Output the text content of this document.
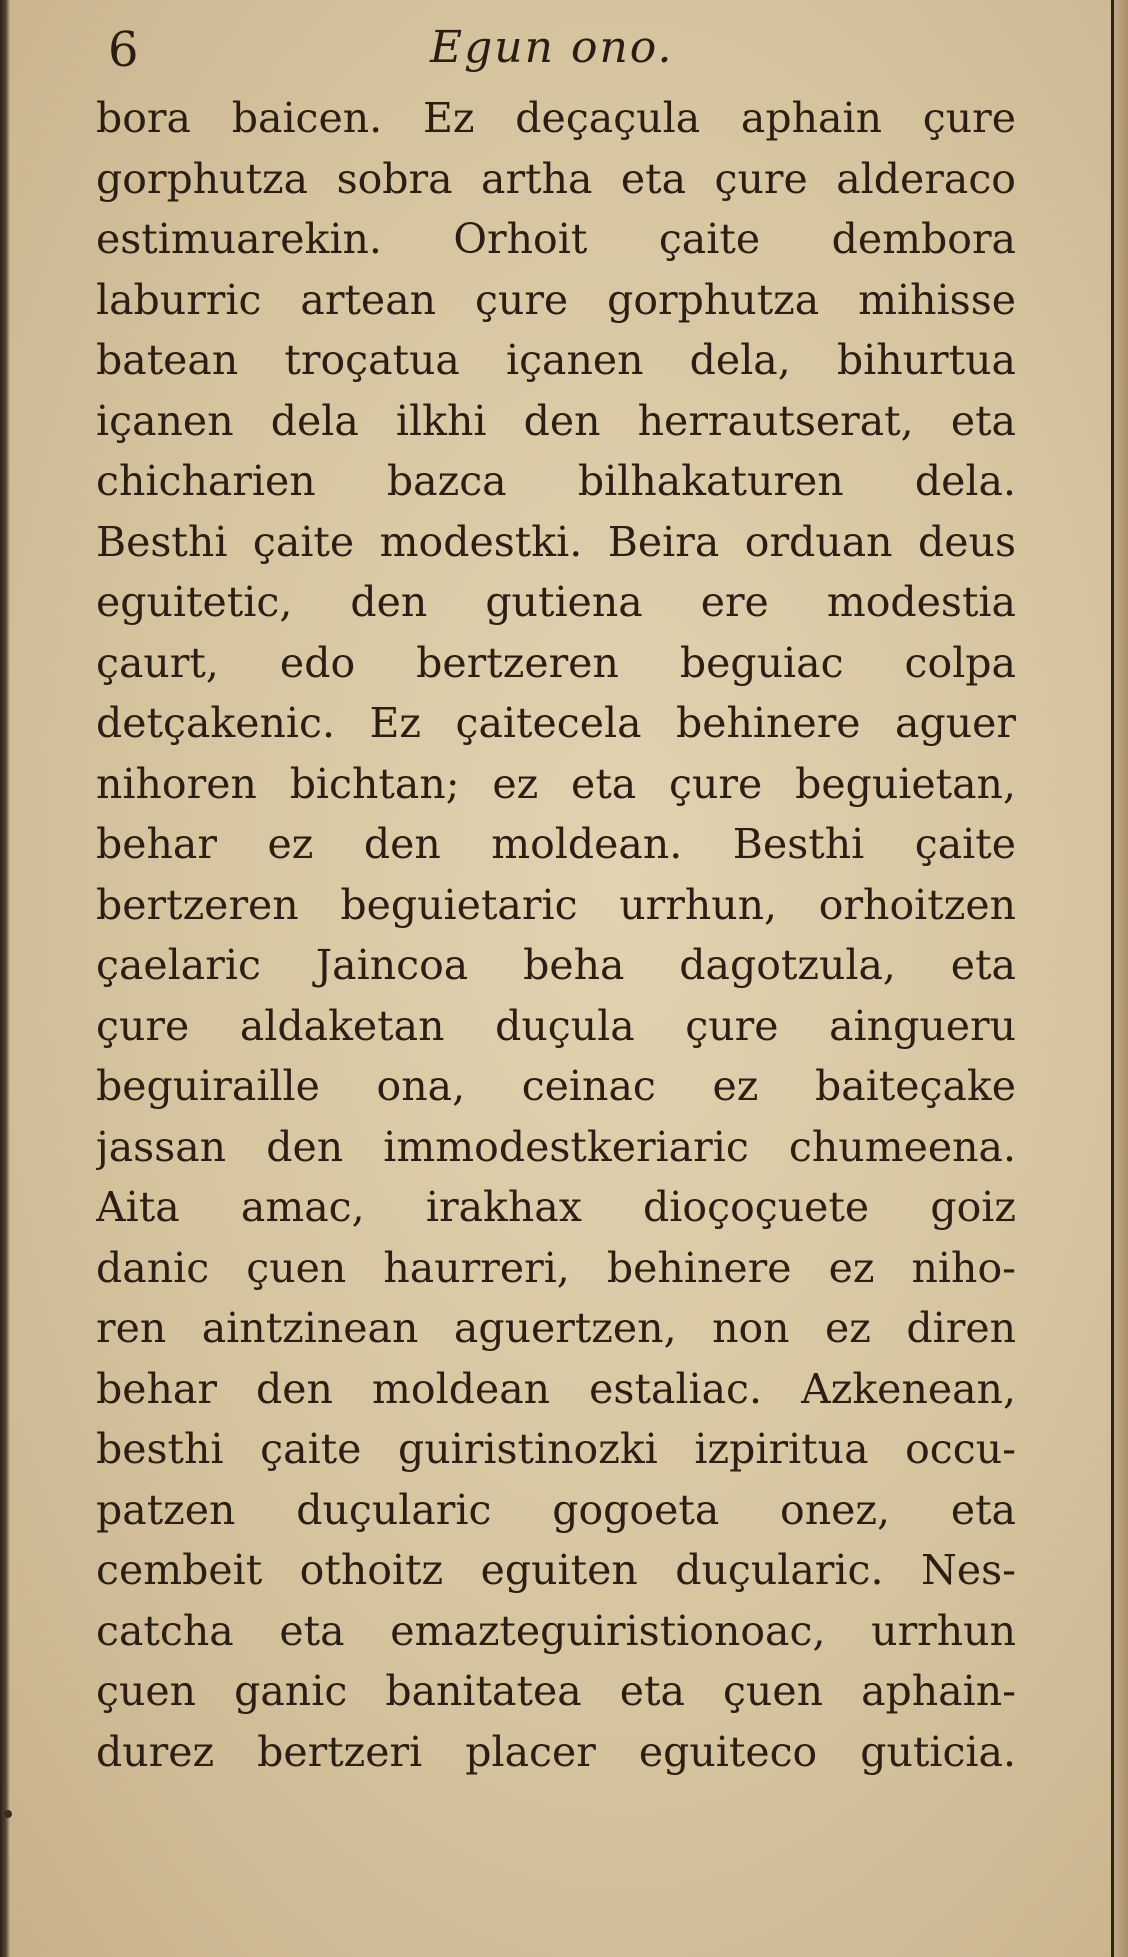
6	Egun ono.
bora baicen. Ez deçaçula aphain çure
gorphutza sobra artha eta çure alderaco
estimuarekin. Orhoit çaite dembora
laburric artean çure gorphutza mihisse
batean troçatua içanen dela, bihurtua
içanen dela ilkhi den herrautserat, eta
chicharien bazca bilhakaturen dela.
Besthi çaite modestki. Beira orduan deus
eguitetic, den gutiena ere modestia
çaurt, edo bertzeren beguiac colpa
detçakenic. Ez çaitecela behinere aguer
nihoren bichtan; ez eta çure beguietan,
behar ez den moldean. Besthi çaite
bertzeren beguietaric urrhun, orhoitzen
çaelaric Jaincoa beha dagotzula, eta
çure aldaketan duçula çure aingueru
beguiraille ona, ceinac ez baiteçake
jassan den immodestkeriaric chumeena.
Aita amac, irakhax dioçoçuete goiz
danic çuen haurreri, behinere ez niho-
ren aintzinean aguertzen, non ez diren
behar den moldean estaliac. Azkenean,
besthi çaite guiristinozki izpiritua occu-
patzen duçularic gogoeta onez, eta
cembeit othoitz eguiten duçularic. Nes-
catcha eta emazteguiristionoac, urrhun
çuen ganic banitatea eta çuen aphain-
durez bertzeri placer eguiteco guticia.
